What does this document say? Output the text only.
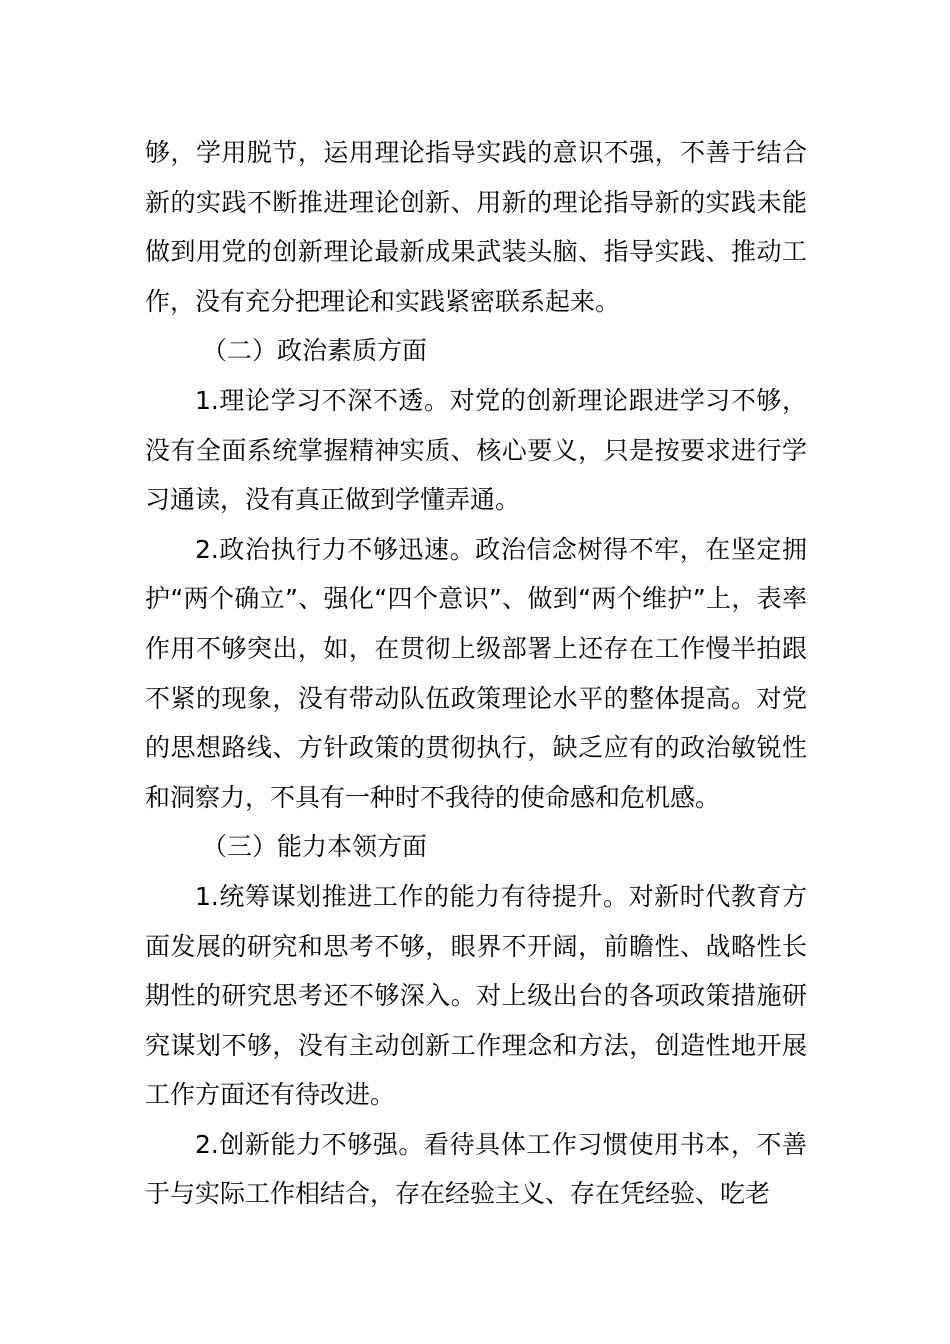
够，学用脱节，运用理论指导实践的意识不强，不善于结合新的实践不断推进理论创新、用新的理论指导新的实践未能做到用党的创新理论最新成果武装头脑、指导实践、推动工作，没有充分把理论和实践紧密联系起来。

（二）政治素质方面

1.理论学习不深不透。对党的创新理论跟进学习不够，没有全面系统掌握精神实质、核心要义，只是按要求进行学习通读，没有真正做到学懂弄通。

2.政治执行力不够迅速。政治信念树得不牢，在坚定拥护“两个确立”、强化“四个意识”、做到“两个维护”上，表率作用不够突出，如，在贯彻上级部署上还存在工作慢半拍跟不紧的现象，没有带动队伍政策理论水平的整体提高。对党的思想路线、方针政策的贯彻执行，缺乏应有的政治敏锐性和洞察力，不具有一种时不我待的使命感和危机感。

（三）能力本领方面

1.统筹谋划推进工作的能力有待提升。对新时代教育方面发展的研究和思考不够，眼界不开阔，前瞻性、战略性长期性的研究思考还不够深入。对上级出台的各项政策措施研究谋划不够，没有主动创新工作理念和方法，创造性地开展工作方面还有待改进。

2.创新能力不够强。看待具体工作习惯使用书本，不善于与实际工作相结合，存在经验主义、存在凭经验、吃老
